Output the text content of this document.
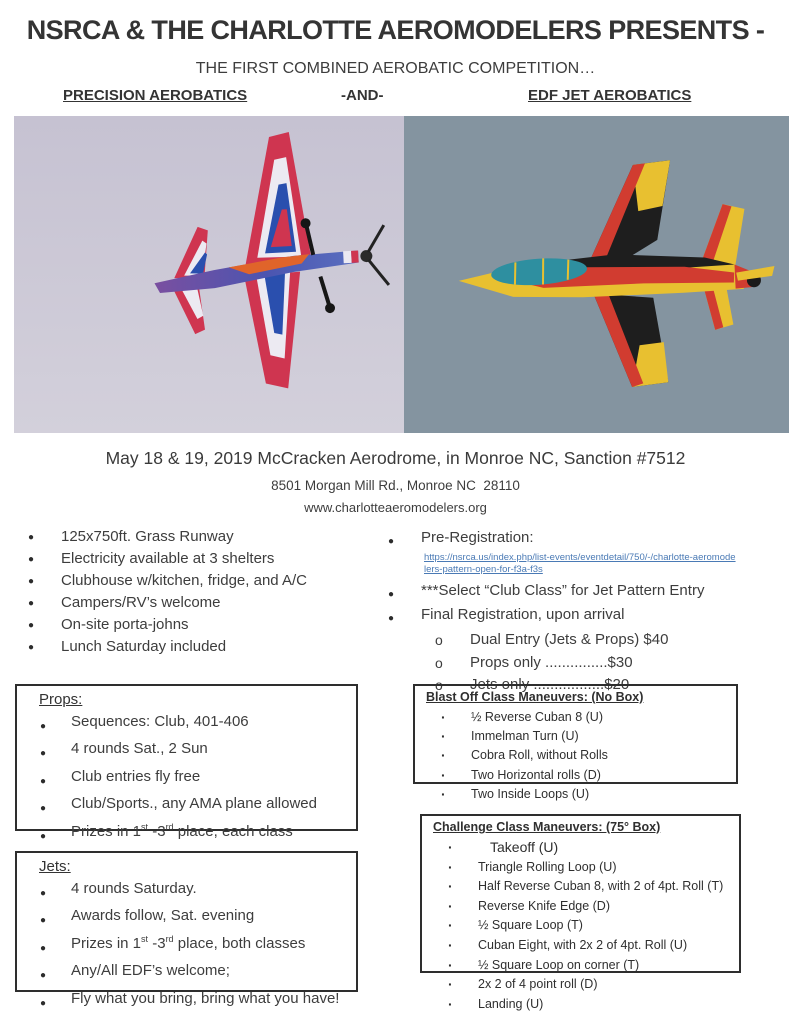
NSRCA & THE CHARLOTTE AEROMODELERS PRESENTS -
THE FIRST COMBINED AEROBATIC COMPETITION…
PRECISION AEROBATICS	-AND-	EDF JET AEROBATICS
May 18 & 19, 2019 McCracken Aerodrome, in Monroe NC, Sanction #7512
8501 Morgan Mill Rd., Monroe NC  28110
www.charlotteaeromodelers.org
●	125x750ft. Grass Runway
●	Electricity available at 3 shelters
●	Clubhouse w/kitchen, fridge, and A/C
●	Campers/RV’s welcome
●	On-site porta-johns
●	Lunch Saturday included
●	Pre-Registration:
https://nsrca.us/index.php/list-events/eventdetail/750/-/charlotte-aeromode
lers-pattern-open-for-f3a-f3s
●	***Select “Club Class” for Jet Pattern Entry
●	Final Registration, upon arrival
o	Dual Entry (Jets & Props) $40
o	Props only ...............$30
o	Jets only .................$20
Props:
●	Sequences: Club, 401-406
●	4 rounds Sat., 2 Sun
●	Club entries fly free
●	Club/Sports., any AMA plane allowed
●	Prizes in 1st -3rd place, each class
Jets:
●	4 rounds Saturday.
●	Awards follow, Sat. evening
●	Prizes in 1st -3rd place, both classes
●	Any/All EDF’s welcome;
●	Fly what you bring, bring what you have!
Blast Off Class Maneuvers: (No Box)
·	½ Reverse Cuban 8 (U)
·	Immelman Turn (U)
·	Cobra Roll, without Rolls
·	Two Horizontal rolls (D)
·	Two Inside Loops (U)
Challenge Class Maneuvers: (75° Box)
·	Takeoff (U)
·	Triangle Rolling Loop (U)
·	Half Reverse Cuban 8, with 2 of 4pt. Roll (T)
·	Reverse Knife Edge (D)
·	½ Square Loop (T)
·	Cuban Eight, with 2x 2 of 4pt. Roll (U)
·	½ Square Loop on corner (T)
·	2x 2 of 4 point roll (D)
·	Landing (U)
